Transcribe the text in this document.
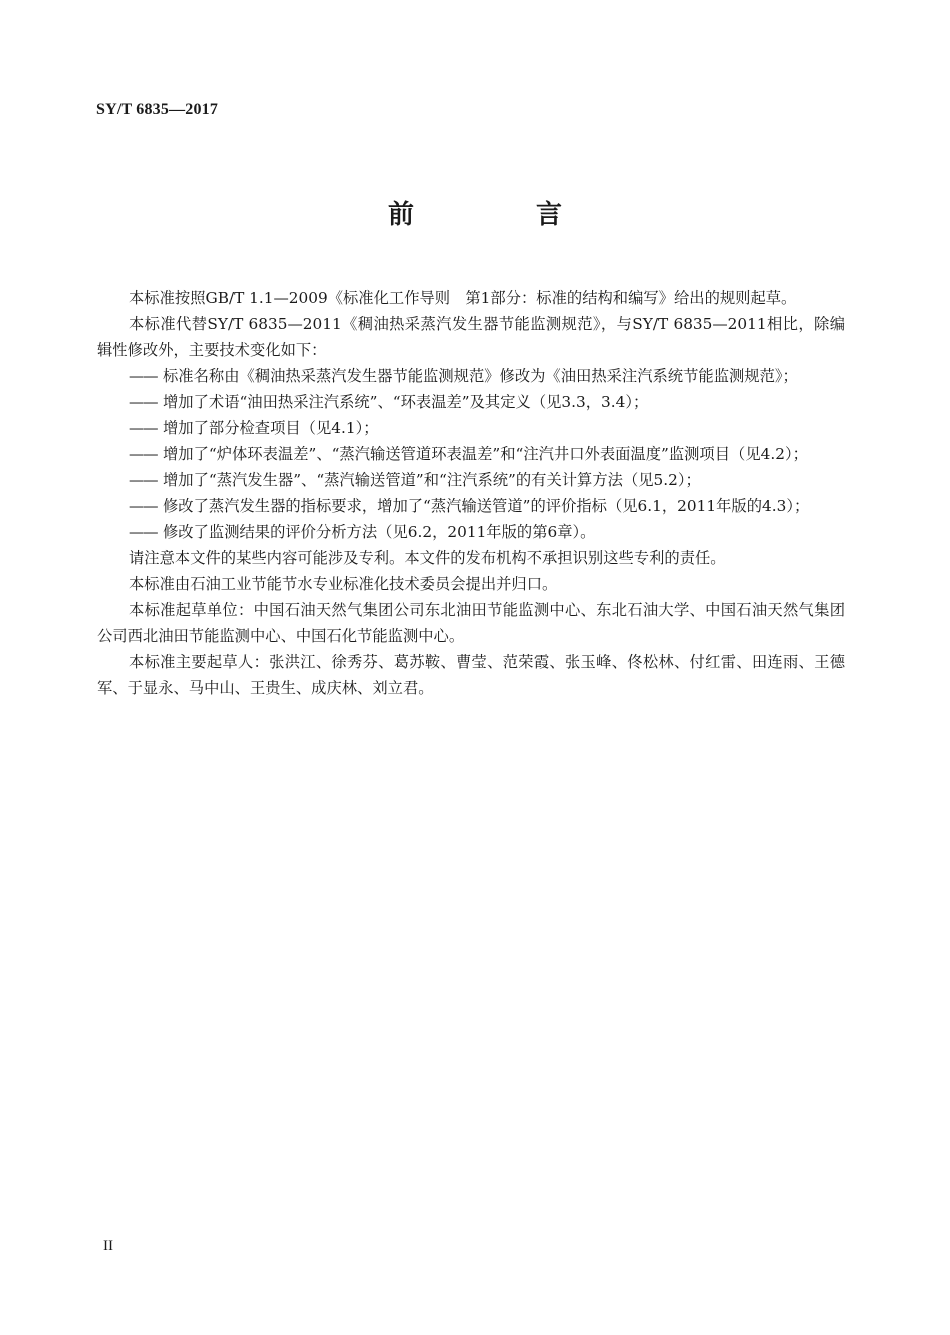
SY/T 6835—2017
前　言

本标准按照GB/T 1.1—2009《标准化工作导则　第1部分：标准的结构和编写》给出的规则起草。

本标准代替SY/T 6835—2011《稠油热采蒸汽发生器节能监测规范》，与SY/T 6835—2011相比，除编辑性修改外，主要技术变化如下：

—— 标准名称由《稠油热采蒸汽发生器节能监测规范》修改为《油田热采注汽系统节能监测规范》；
—— 增加了术语“油田热采注汽系统”、“环表温差”及其定义（见3.3，3.4）；
—— 增加了部分检查项目（见4.1）；
—— 增加了“炉体环表温差”、“蒸汽输送管道环表温差”和“注汽井口外表面温度”监测项目（见4.2）；
—— 增加了“蒸汽发生器”、“蒸汽输送管道”和“注汽系统”的有关计算方法（见5.2）；
—— 修改了蒸汽发生器的指标要求，增加了“蒸汽输送管道”的评价指标（见6.1，2011年版的4.3）；
—— 修改了监测结果的评价分析方法（见6.2，2011年版的第6章）。

请注意本文件的某些内容可能涉及专利。本文件的发布机构不承担识别这些专利的责任。

本标准由石油工业节能节水专业标准化技术委员会提出并归口。

本标准起草单位：中国石油天然气集团公司东北油田节能监测中心、东北石油大学、中国石油天然气集团公司西北油田节能监测中心、中国石化节能监测中心。

本标准主要起草人：张洪江、徐秀芬、葛苏鞍、曹莹、范荣霞、张玉峰、佟松林、付红雷、田连雨、王德军、于显永、马中山、王贵生、成庆林、刘立君。

II
